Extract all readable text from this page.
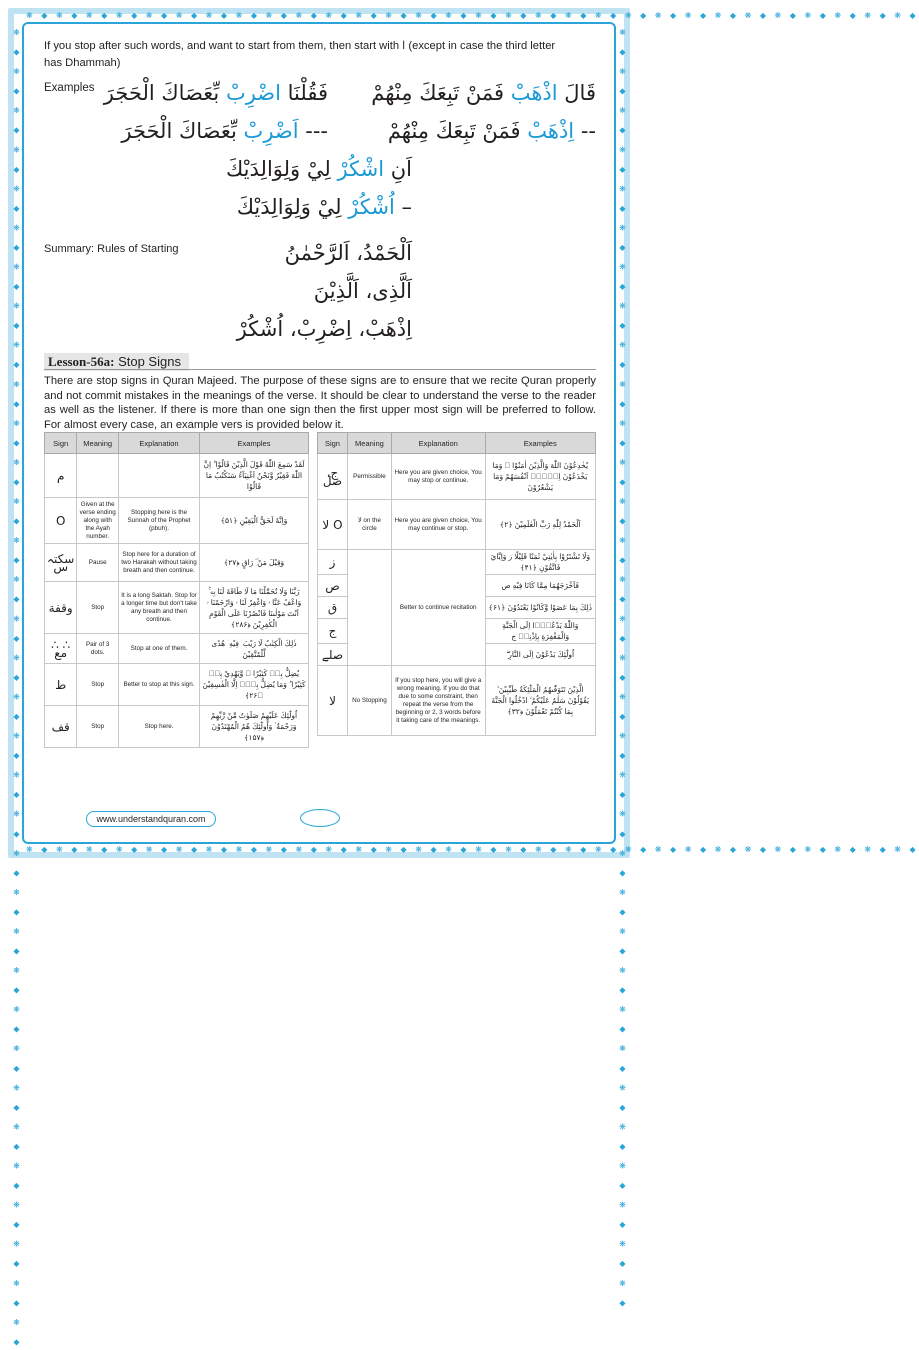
❋ ◆ ❋ ◆ ❋ ◆ ❋ ◆ ❋ ◆ ❋ ◆ ❋ ◆ ❋ ◆ ❋ ◆ ❋ ◆ ❋ ◆ ❋ ◆ ❋ ◆ ❋ ◆ ❋ ◆ ❋ ◆ ❋ ◆ ❋ ◆ ❋ ◆ ❋ ◆ ❋ ◆ ❋ ◆ ❋ ◆ ❋ ◆ ❋ ◆ ❋ ◆ ❋ ◆ ❋ ◆ ❋ ◆ ❋ ◆
❋ ◆ ❋ ◆ ❋ ◆ ❋ ◆ ❋ ◆ ❋ ◆ ❋ ◆ ❋ ◆ ❋ ◆ ❋ ◆ ❋ ◆ ❋ ◆ ❋ ◆ ❋ ◆ ❋ ◆ ❋ ◆ ❋ ◆ ❋ ◆ ❋ ◆ ❋ ◆ ❋ ◆ ❋ ◆ ❋ ◆ ❋ ◆ ❋ ◆ ❋ ◆ ❋ ◆ ❋ ◆ ❋ ◆ ❋ ◆
❋ ◆ ❋ ◆ ❋ ◆ ❋ ◆ ❋ ◆ ❋ ◆ ❋ ◆ ❋ ◆ ❋ ◆ ❋ ◆ ❋ ◆ ❋ ◆ ❋ ◆ ❋ ◆ ❋ ◆ ❋ ◆ ❋ ◆ ❋ ◆ ❋ ◆ ❋ ◆ ❋ ◆ ❋ ◆ ❋ ◆ ❋ ◆ ❋ ◆ ❋ ◆ ❋ ◆ ❋ ◆ ❋ ◆ ❋ ◆ ❋ ◆ ❋ ◆ ❋ ◆ ❋ ◆	❋ ◆ ❋ ◆ ❋ ◆ ❋ ◆ ❋ ◆ ❋ ◆ ❋ ◆ ❋ ◆ ❋ ◆ ❋ ◆ ❋ ◆ ❋ ◆ ❋ ◆ ❋ ◆ ❋ ◆ ❋ ◆ ❋ ◆ ❋ ◆ ❋ ◆ ❋ ◆ ❋ ◆ ❋ ◆ ❋ ◆ ❋ ◆ ❋ ◆ ❋ ◆ ❋ ◆ ❋ ◆ ❋ ◆ ❋ ◆ ❋ ◆ ❋ ◆ ❋ ◆
If you stop after such words, and want to start from them, then start with ا (except in case the third letter
has Dhammah)
Examples	قَالَ اذْهَبْ فَمَنْ تَبِعَكَ مِنْهُمْ
فَقُلْنَا اضْرِبْ بِّعَصَاكَ الْحَجَرَ
-- اِذْهَبْ فَمَنْ تَبِعَكَ مِنْهُمْ
--- اَضْرِبْ بِّعَصَاكَ الْحَجَرَ
اَنِ اشْكُرْ لِيْ وَلِوَالِدَيْكَ
– اُشْكُرْ لِيْ وَلِوَالِدَيْكَ
Summary: Rules of Starting	اَلْحَمْدُ، اَلرَّحْمٰنُ
اَلَّذِی، اَلَّذِیْنَ
اِذْهَبْ، اِضْرِبْ، اُشْكُرْ
Lesson-56a: Stop Signs
There are stop signs in Quran Majeed. The purpose of these signs are to ensure that we recite Quran properly and not commit mistakes in the meanings of the verse. It should be clear to understand the verse to the reader as well as the listener. If there is more than one sign then the first upper most sign will be preferred to follow. For almost every case, an example vers is provided below it.
Sign	Meaning	Explanation	Examples
م			لَقَدْ سَمِعَ اللّٰهُ قَوْلَ الَّذِيْنَ قَالُوْا ؕ اِنَّ اللّٰهَ فَقِيْرٌ وَّنَحْنُ اَغْنِيَآءُ سَنَكْتُبُ مَا قَالُوْا
O	Given at the verse ending along with the Ayah number.	Stopping here is the Sunnah of the Prophet (pbuh).	وَاِنَّهٗ لَحَقُّ الْيَقِيْنِ ﴿۵۱﴾
سکتہ س	Pause	Stop here for a duration of two Harakah without taking breath and then continue.	وَقِيْلَ مَنْ ۜ رَاقٍ ﴿۲۷﴾
وقفة	Stop	It is a long Saktah. Stop for a longer time but don't take any breath and then continue.	رَبَّنَا وَلَا تُحَمِّلْنَا مَا لَا طَاقَةَ لَنَا بِهٖ ۚ وَاعْفُ عَنَّا ۥ وَاغْفِرْ لَنَا ۥ وَارْحَمْنَا ۥ اَنْتَ مَوْلٰىنَا فَانْصُرْنَا عَلَى الْقَوْمِ الْكٰفِرِيْنَ ﴿۲۸۶﴾
∴ ∴ مع	Pair of 3 dots.	Stop at one of them.	ذٰلِكَ الْكِتٰبُ لَا رَيْبَ ۛ فِيْهِ ۛ هُدًى لِّلْمُتَّقِيْنَ
ط	Stop	Better to stop at this sign.	يُضِلُّ بِهٖ كَثِيْرًا ۙ وَّيَهْدِيْ بِهٖ كَثِيْرًا ؕ وَمَا يُضِلُّ بِهٖۤ اِلَّا الْفٰسِقِيْنَ ﴿۲۶﴾
قف	Stop	Stop here.	اُولٰٓئِكَ عَلَيْهِمْ صَلَوٰتٌ مِّنْ رَّبِّهِمْ وَرَحْمَةٌ ۟ وَاُولٰٓئِكَ هُمُ الْمُهْتَدُوْنَ ﴿۱۵۷﴾
Sign	Meaning	Explanation	Examples
ج، صل	Permissible	Here you are given choice, You may stop or continue.	يُخٰدِعُوْنَ اللّٰهَ وَالَّذِيْنَ اٰمَنُوْا ۚ وَمَا يَخْدَعُوْنَ اِلَّاۤ اَنْفُسَهُمْ وَمَا يَشْعُرُوْنَ
لا O	لا on the circle	Here you are given choice, You may continue or stop.	اَلْحَمْدُ لِلّٰهِ رَبِّ الْعٰلَمِيْنَ ﴿۲﴾
ز		Better to continue recitation	وَلَا تَشْتَرُوْا بِاٰيٰتِيْ ثَمَنًا قَلِيْلًا ز وَاِيَّايَ فَاتَّقُوْنِ ﴿۴۱﴾
ص			فَاَخْرَجَهُمَا مِمَّا كَانَا فِيْهِ ص
ق			ذٰلِكَ بِمَا عَصَوْا وَّكَانُوْا يَعْتَدُوْنَ ﴿۶۱﴾
ج			وَاللّٰهُ يَدْعُوْۤا اِلَى الْجَنَّةِ وَالْمَغْفِرَةِ بِاِذْنِهٖ ج
صلے			اُولٰٓئِكَ يَدْعُوْنَ اِلَى النَّارِ ۖ
لا	No Stopping	If you stop here, you will give a wrong meaning. If you do that due to some constraint, then repeat the verse from the beginning or 2, 3 words before it taking care of the meanings.	الَّذِيْنَ تَتَوَفّٰىهُمُ الْمَلٰٓئِكَةُ طَيِّبِيْنَ ۙ يَقُوْلُوْنَ سَلٰمٌ عَلَيْكُمُ ۙ ادْخُلُوا الْجَنَّةَ بِمَا كُنْتُمْ تَعْمَلُوْنَ ﴿۳۲﴾
www.understandquran.com
